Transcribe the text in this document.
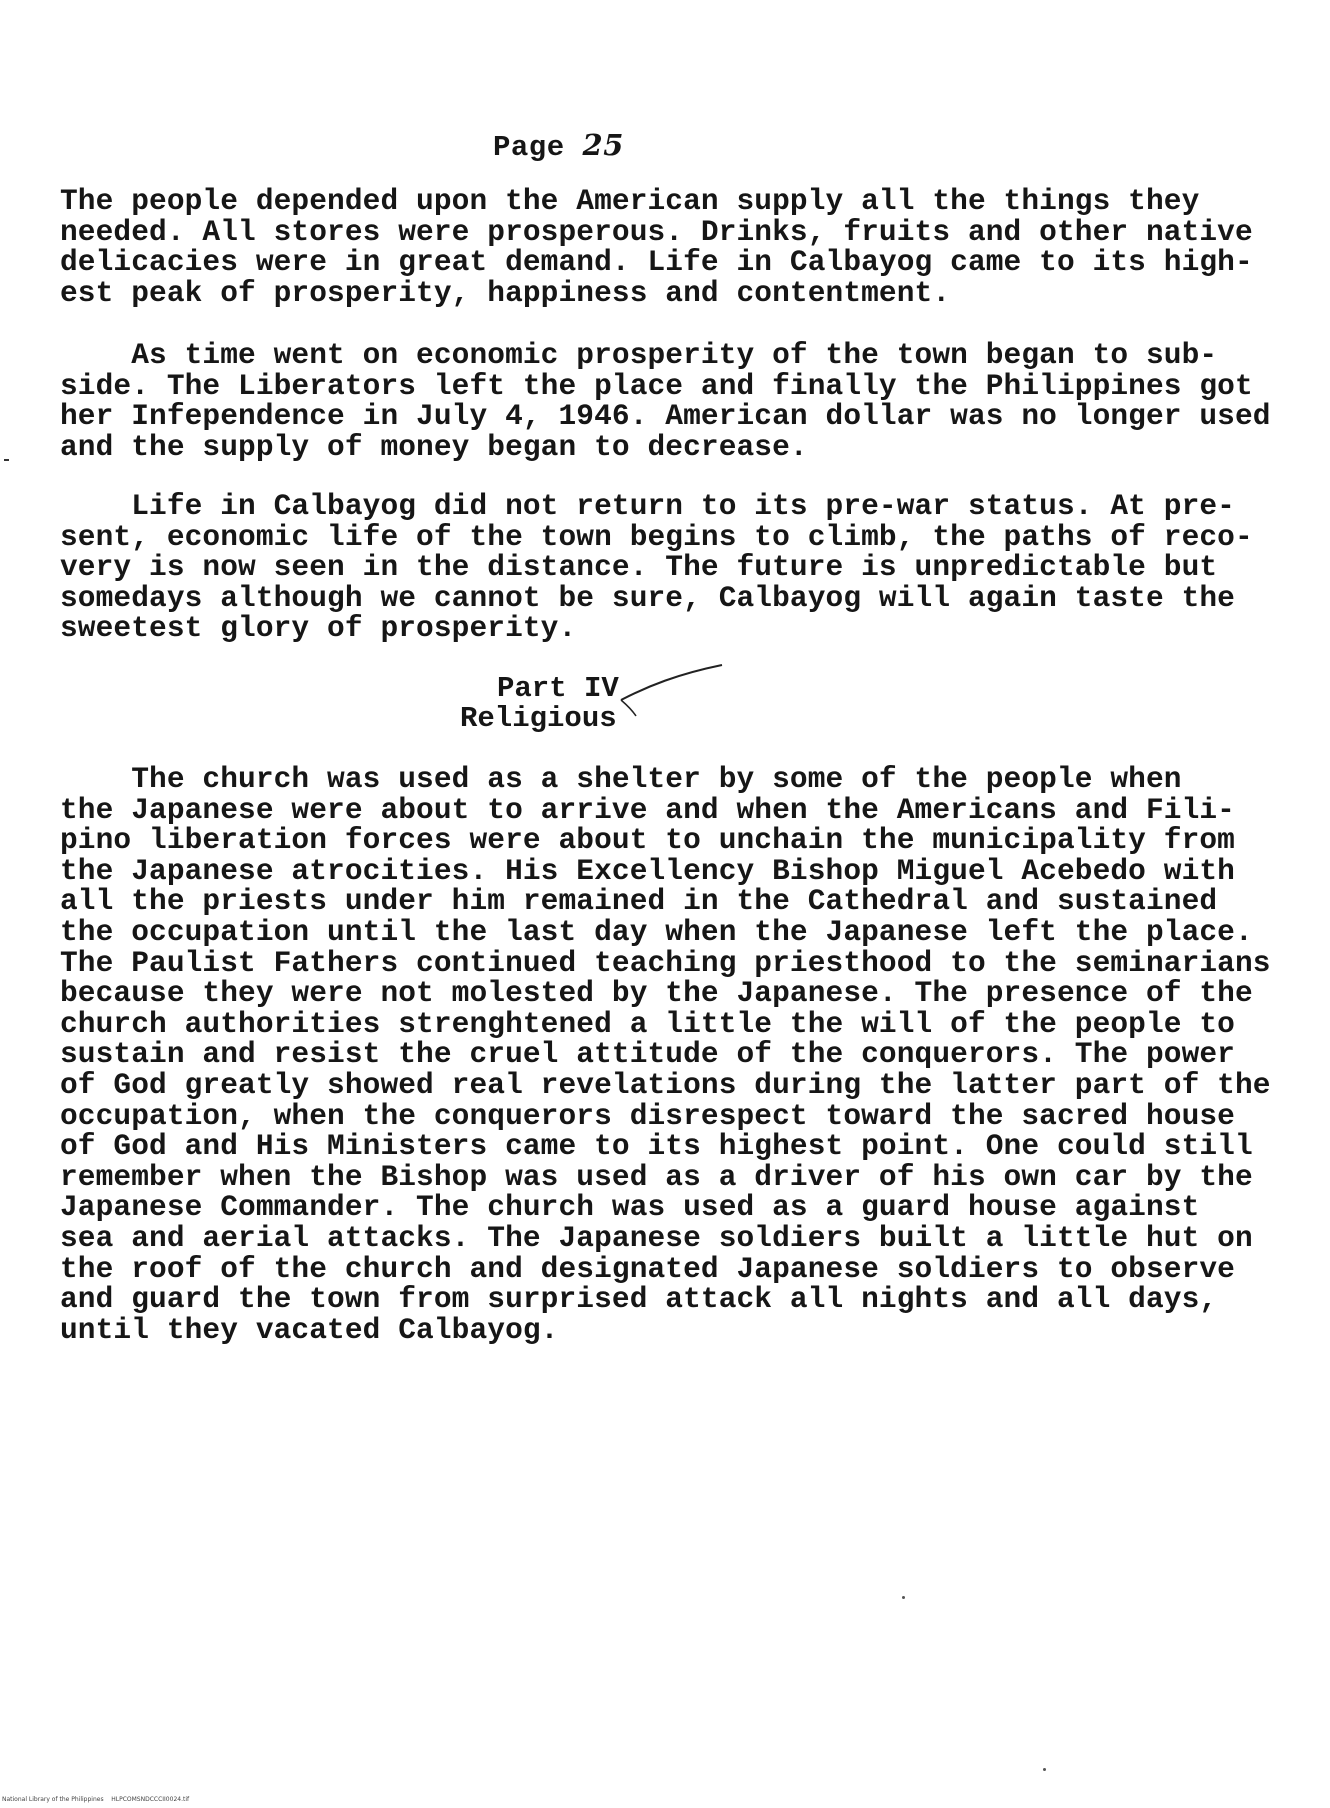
Page 25
The people depended upon the American supply all the things they
needed. All stores were prosperous. Drinks, fruits and other native
delicacies were in great demand. Life in Calbayog came to its high-
est peak of prosperity, happiness and contentment.
As time went on economic prosperity of the town began to sub-
side. The Liberators left the place and finally the Philippines got
her Infependence in July 4, 1946. American dollar was no longer used
and the supply of money began to decrease.
Life in Calbayog did not return to its pre-war status. At pre-
sent, economic life of the town begins to climb, the paths of reco-
very is now seen in the distance. The future is unpredictable but
somedays although we cannot be sure, Calbayog will again taste the
sweetest glory of prosperity.
Part IV
Religious
The church was used as a shelter by some of the people when
the Japanese were about to arrive and when the Americans and Fili-
pino liberation forces were about to unchain the municipality from
the Japanese atrocities. His Excellency Bishop Miguel Acebedo with
all the priests under him remained in the Cathedral and sustained
the occupation until the last day when the Japanese left the place.
The Paulist Fathers continued teaching priesthood to the seminarians
because they were not molested by the Japanese. The presence of the
church authorities strenghtened a little the will of the people to
sustain and resist the cruel attitude of the conquerors. The power
of God greatly showed real revelations during the latter part of the
occupation, when the conquerors disrespect toward the sacred house
of God and His Ministers came to its highest point. One could still
remember when the Bishop was used as a driver of his own car by the
Japanese Commander. The church was used as a guard house against
sea and aerial attacks. The Japanese soldiers built a little hut on
the roof of the church and designated Japanese soldiers to observe
and guard the town from surprised attack all nights and all days,
until they vacated Calbayog.
National Library of the Philippines HLPCOMSNDCCCII0024.tif
